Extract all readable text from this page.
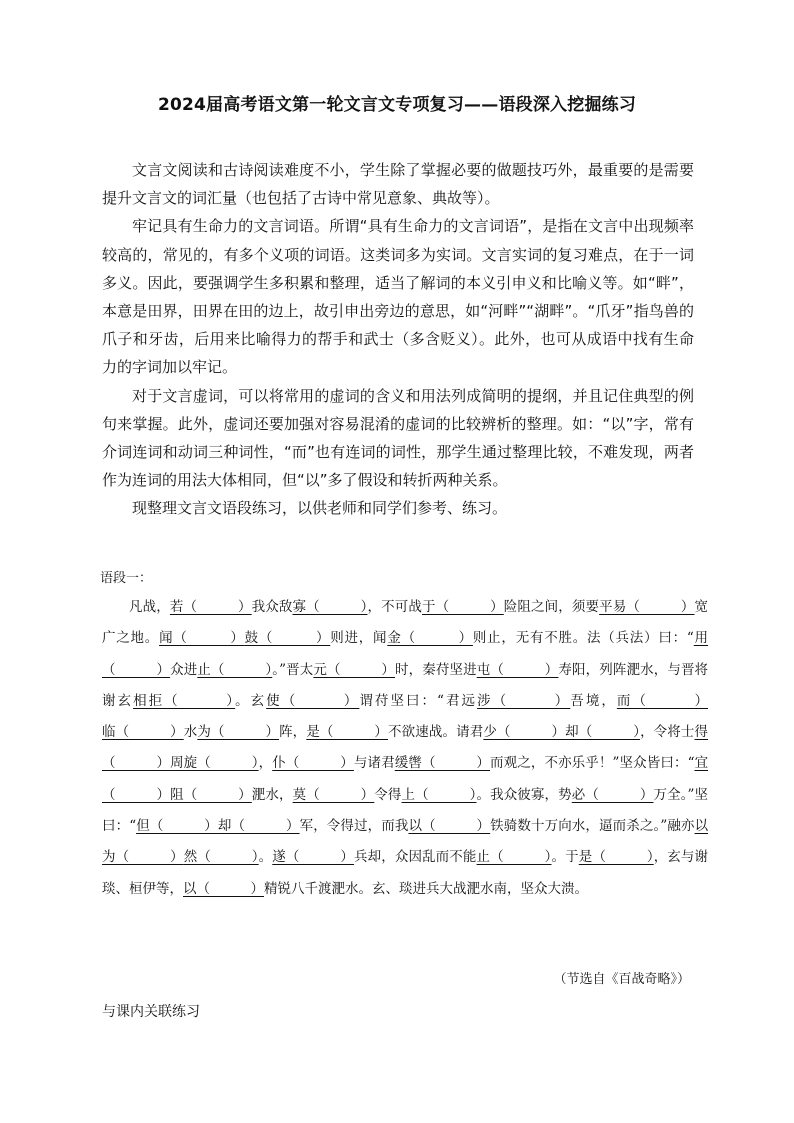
2024届高考语文第一轮文言文专项复习——语段深入挖掘练习

文言文阅读和古诗阅读难度不小，学生除了掌握必要的做题技巧外，最重要的是需要提升文言文的词汇量（也包括了古诗中常见意象、典故等）。

牢记具有生命力的文言词语。所谓“具有生命力的文言词语”，是指在文言中出现频率较高的，常见的，有多个义项的词语。这类词多为实词。文言实词的复习难点，在于一词多义。因此，要强调学生多积累和整理，适当了解词的本义引申义和比喻义等。如“畔”，本意是田界，田界在田的边上，故引申出旁边的意思，如“河畔”“湖畔”。“爪牙”指鸟兽的爪子和牙齿，后用来比喻得力的帮手和武士（多含贬义）。此外，也可从成语中找有生命力的字词加以牢记。

对于文言虚词，可以将常用的虚词的含义和用法列成简明的提纲，并且记住典型的例句来掌握。此外，虚词还要加强对容易混淆的虚词的比较辨析的整理。如：“以”字，常有介词连词和动词三种词性，“而”也有连词的词性，那学生通过整理比较，不难发现，两者作为连词的用法大体相同，但“以”多了假设和转折两种关系。

现整理文言文语段练习，以供老师和同学们参考、练习。

语段一：

凡战，若（　　　）我众敌寡（　　　），不可战于（　　　）险阻之间，须要平易（　　　）宽广之地。闻（　　　）鼓（　　　）则进，闻金（　　　）则止，无有不胜。法（兵法）曰：“用（　　　）众进止（　　　）。”晋太元（　　　）时，秦苻坚进屯（　　　）寿阳，列阵淝水，与晋将谢玄相拒（　　　）。玄使（　　　）谓苻坚曰：“君远涉（　　　）吾境，而（　　　）临（　　　）水为（　　　）阵，是（　　　）不欲速战。请君少（　　　）却（　　　），令将士得（　　　）周旋（　　　），仆（　　　）与诸君缓辔（　　　）而观之，不亦乐乎！”坚众皆曰：“宜（　　　）阻（　　　）淝水，莫（　　　）令得上（　　　）。我众彼寡，势必（　　　）万全。”坚曰：“但（　　　）却（　　　）军，令得过，而我以（　　　）铁骑数十万向水，逼而杀之。”融亦以为（　　　）然（　　　）。遂（　　　）兵却，众因乱而不能止（　　　）。于是（　　　），玄与谢琰、桓伊等，以（　　　）精锐八千渡淝水。玄、琰进兵大战淝水南，坚众大溃。

（节选自《百战奇略》）

与课内关联练习
